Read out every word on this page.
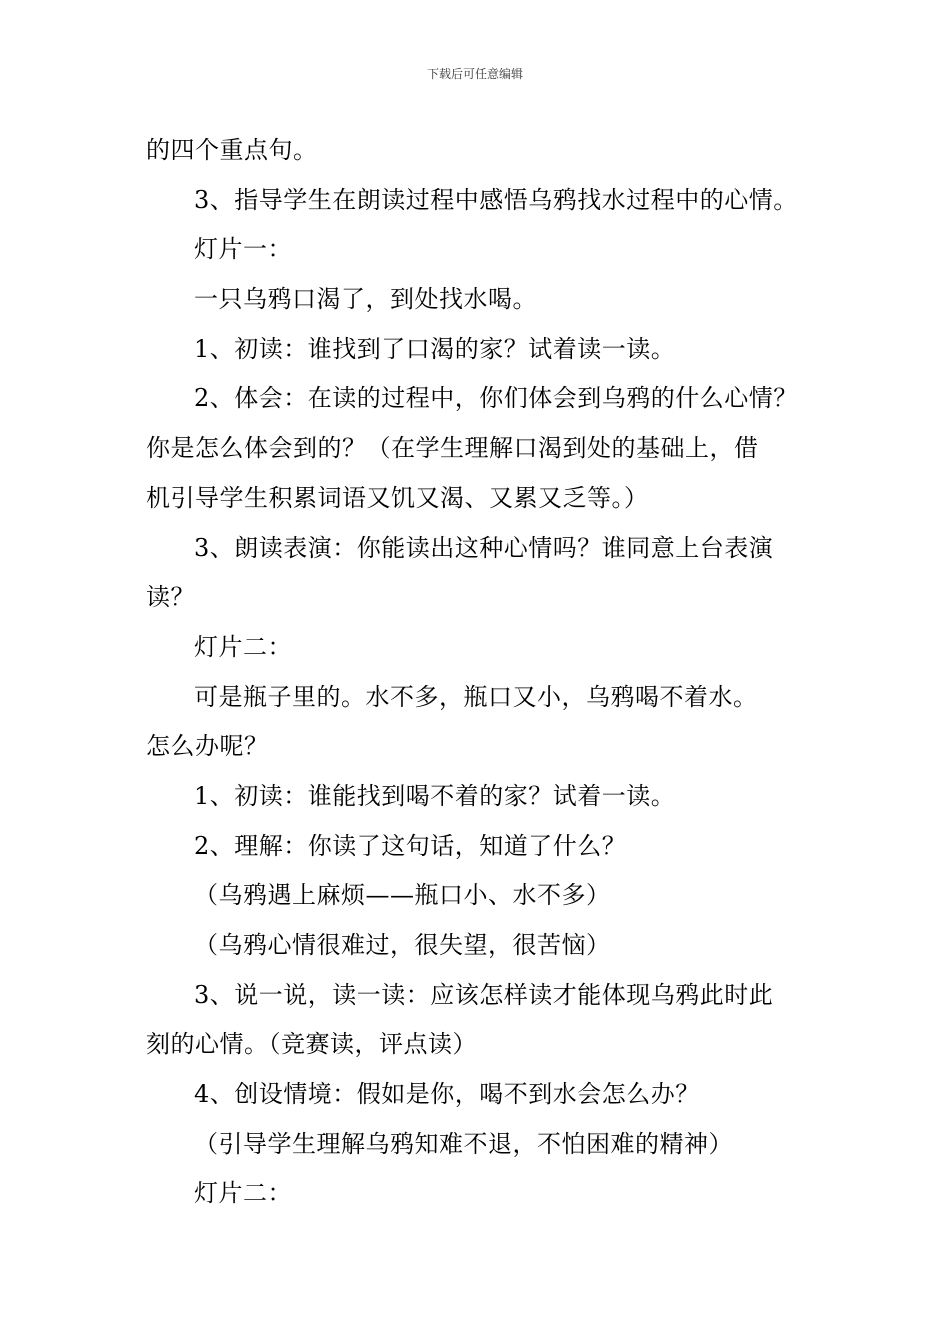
下载后可任意编辑
的四个重点句。
3、指导学生在朗读过程中感悟乌鸦找水过程中的心情。
灯片一：
一只乌鸦口渴了，到处找水喝。
1、初读：谁找到了口渴的家？试着读一读。
2、体会：在读的过程中，你们体会到乌鸦的什么心情？
你是怎么体会到的？（在学生理解口渴到处的基础上，借
机引导学生积累词语又饥又渴、又累又乏等。）
3、朗读表演：你能读出这种心情吗？谁同意上台表演
读？
灯片二：
可是瓶子里的。水不多，瓶口又小，乌鸦喝不着水。
怎么办呢？
1、初读：谁能找到喝不着的家？试着一读。
2、理解：你读了这句话，知道了什么？
（乌鸦遇上麻烦——瓶口小、水不多）
（乌鸦心情很难过，很失望，很苦恼）
3、说一说，读一读：应该怎样读才能体现乌鸦此时此
刻的心情。（竞赛读，评点读）
4、创设情境：假如是你，喝不到水会怎么办？
（引导学生理解乌鸦知难不退，不怕困难的精神）
灯片二：
